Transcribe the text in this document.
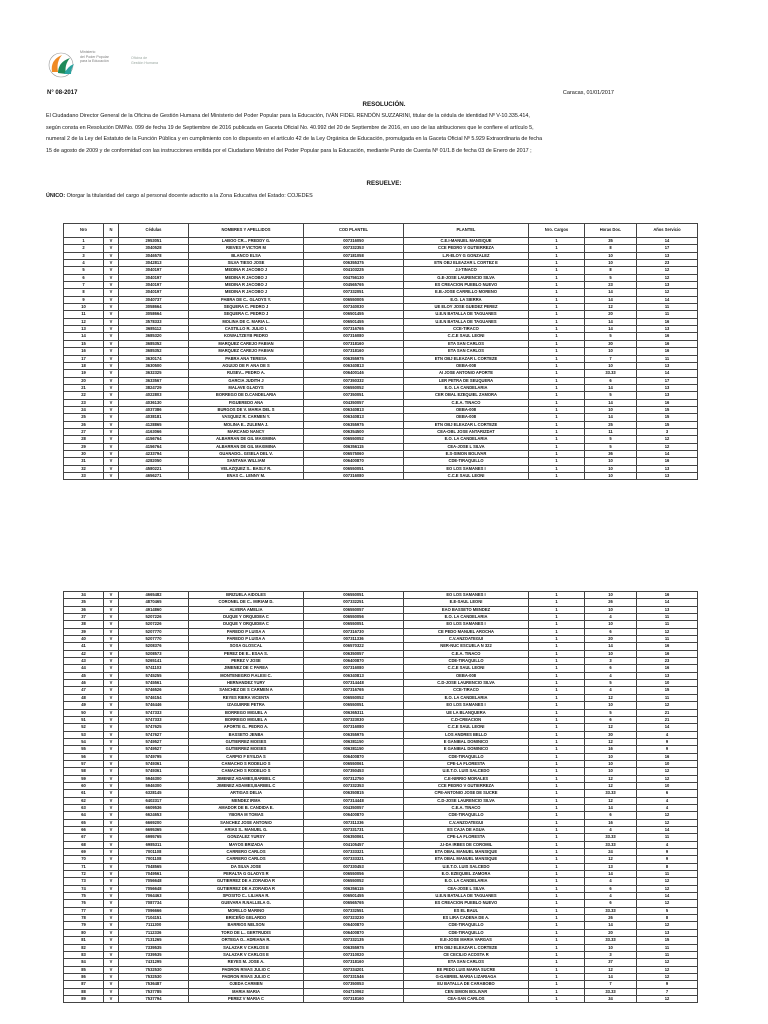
Ministerio
del Poder Popular
para la Educación
Oficina de
Gestión Humana
N° 08-2017	Caracas, 01/01/2017
RESOLUCIÓN.

El Ciudadano Director General de la Oficina de Gestión Humana del Ministerio del Poder Popular para la Educación, IVÁN FIDEL RENDÓN SUZZARINI, titular de la cédula de identidad Nº V-10.335.414,

según consta en Resolución DM/No. 099 de fecha 19 de Septiembre de 2016 publicada en Gaceta Oficial No. 40.992 del 20 de Septiembre de 2016, en uso de las atribuciones que le confiere el artículo 5,

numeral 2 de la Ley del Estatuto de la Función Pública y en cumplimiento con lo dispuesto en el artículo 42 de la Ley Orgánica de Educación, promulgada en la Gaceta Oficial Nº 5.929 Extraordinaria de fecha

15 de agosto de 2009 y de conformidad con las instrucciones emitida por el Ciudadano Ministro del Poder Popular para la Educación, mediante Punto de Cuenta Nº 01/1.8 de fecha 03 de Enero de 2017 ;

RESUELVE:
ÚNICO: Otorgar la titularidad del cargo al personal docente adscrito a la Zona Educativa del Estado: COJEDES
Nro	N	Cédulas	NOMBRES Y APELLIDOS	COD PLANTEL	PLANTEL	Nro. Cargos	Horas Doc.	Años Servicio
1	V	2953051	LABOO CR... FREDDY G.	007316050	C.E.I-MANUEL MANSIQUE	1	35	14
2	V	3040528	RIEVES P VICTOR M	007332353	CCE PEDRO V GUTIERREZA	1	8	17
3	V	3046578	BLANCO ELSA	007181058	L.R-ELOY G GONZALEZ	1	10	13
4	V	3042813	SILVA TIESO JOSE	006355375	ETN OBJ ELEAZAR L CORTEZ E	1	10	23
5	V	3040197	MEDINA R JACOBO J	004103225	J.I-TINACO	1	8	12
6	V	3040197	MEDINA R JACOBO J	004756130	G.E-JOSE LAURENCIO SILVA	1	5	12
7	V	3040197	MEDINA R JACOBO J	004565765	ES CREACION PUEBLO NUEVO	1	23	13
8	V	3040197	MEDINA R JACOBO J	007332051	E.B.-JOSE CARRILLO MORENO	1	14	12
9	V	3040737	PABRA DE C.. GLADYS Y.	006550005	E.O. LA SIERRA	1	14	14
10	V	3058664	SEQUERA C. PEDRO J	007340030	UE ELOY JOSE GUEDEZ PEREZ	1	12	11
11	V	3058664	SEQUERA C. PEDRO J	006501455	U.E.N BATALLA DE TAGUANES	1	20	11
12	V	3578333	MOLINA DE C. MARIA L.	006501455	U.E.N BATALLA DE TAGUANES	1	14	16
13	V	3685112	CASTILLO R. JULIO I.	007316765	CCE-TIRACO	1	14	13
14	V	3685320	KOWALTZEYB PEDRO	007316080	C.C.E SAUL LEONI	1	5	16
15	V	3685352	MARQUEZ CAREJO FABIAN	007318160	ETA SAN CARLOS	1	30	16
16	V	3685352	MARQUEZ CAREJO FABIAN	007318160	ETA SAN CARLOS	1	10	16
17	V	3630174	PABRA ANA TERESA	006355975	ETN OBJ ELEAZAR L CORTEZE	1	7	11
18	V	3630500	AGUIJO DE P. ANA DE S	006340813	OEBA-008	1	10	13
19	V	3632325	RUSEV... PEDRO A.	006400146	AI JOSE ANTONIO APORTE	1	33.33	14
20	V	3633567	GARCIA JUDITH J	007350332	LER PETRA DE SEUQUERA	1	6	17
21	V	3824729	MALAVE GLADYS	006550052	E.O. LA CANDELARIA	1	14	13
22	V	4022803	BORREGO DE D.CANDELARIA	007350051	CER OBAL EZEQUIEL ZAMORA	1	5	13
23	V	4036130	FIGUEREDO ANA	004350057	C.E.A. TINACO	1	14	16
24	V	4037386	BURGOS DE V. MARIA DEL S	006340813	OEBA-008	1	10	15
25	V	4038181	VASQUEZ R. CARMEN Y.	006340813	OEBA-008	1	14	15
26	V	4128865	MOLINA E.. ZULEMA J.	006355975	ETN OBJ ELEAZAR L CORTEZE	1	25	15
27	V	4163066	MARCANO NANCY	006354500	CEA-OBL JOSE ANTARIZDAT	1	11	3
28	V	4156764	ALBARRAN DE GIL MAXIMINA	006550052	E.O. LA CANDELARIA	1	5	12
29	V	4156764	ALBARRAN DE GIL MAXIMINA	006356115	CEA-JOSE L SILVA	1	5	12
30	V	4233794	GUANADO.. GISELA DEL V.	006575060	E.S-SIMON BOLIVAR	1	36	14
31	V	4282050	SANTANA WILLIAM	006400870	CDE-TIRAQUILLO	1	10	16
32	V	4580221	VELAZQUEZ S.. BASLY R.	006550051	EO LOS SAMANES I	1	10	13
33	V	4656271	ENAS C.. LENNY M.	007316080	C.C.E SAUL LEONI	1	10	13
34	V	4665482	BRIZUELA AIDOLES	006550051	EO LOS SAMANES I	1	10	16
35	V	4870465	CORONEL DE C.. MIRIAM D.	007332251	E.E-SAUL LEONI	1	26	14
36	V	4914860	ALVERA AMELIA	006550057	EAO BASSETO MENDEZ	1	10	13
37	V	5207226	DUQUE Y ORQUIDEA C	006550056	E.O. LA CANDELARIA	1	4	11
38	V	5207226	DUQUE Y ORQUIDEA C	006550051	EO LOS SAMANES I	1	10	11
39	V	5207770	PAREDO P LUISA A	007316730	CE PEDO MANUEL AROCHA	1	6	12
40	V	5207770	PAREDO P LUISA A	007311336	C.V.ANZOATEGUI	1	20	11
41	V	5208376	SOSA GLOSCAL	006570322	NER-NUC ESCUELA N 322	1	14	16
42	V	5208573	PEREZ DE E.. ESAA S.	006350057	C.E.A. TINACO	1	10	16
43	V	5265141	PEREZ V JOSE	006400870	CDE-TIRAQUILLO	1	3	23
44	V	5741103	JIMENEZ DE C PAREA	007316080	C.C.E SAUL LEONI	1	6	16
45	V	5745255	MONTENEGRO P.ALEXI C.	006340813	OEBA-008	1	4	13
46	V	5745561	HERNANDEZ YURY	007314448	C.D-JOSE LAURENCIO SILVA	1	5	10
47	V	5746526	SANCHEZ DE S CARMEN A	007316765	CCE-TIRACO	1	4	15
48	V	5746154	REYES RIERA VICENTA	006550052	E.O. LA CANDELARIA	1	12	11
49	V	5746446	IZAGUIRRE PETRA	006550051	EO LOS SAMANES I	1	10	12
50	V	5747333	BORREGO MIGUEL A	006365311	UE LA BLANQUERA	1	5	21
51	V	5747333	BORREGO MIGUEL A	007323030	C.D-CREACION	1	6	21
52	V	5747625	APORTE G.. PEDRO A.	007316080	C.C.E SAUL LEONI	1	12	14
53	V	5747627	BASSETO JENBA	006355975	LOS ANDRES BELLO	1	30	4
54	V	5749527	GUTIERREZ MOISES	006381150	E GANIBAL DOMINICO	1	12	9
55	V	5749527	GUTIERREZ MOISES	006381150	E GANIBAL DOMINICO	1	16	9
56	V	5749795	CARPIO F EYILDA S	006400870	CDE-TIRAQUILLO	1	10	16
57	V	5749361	CAMACHO S RODELIO S	006550061	CPE-LA FLORESTA	1	10	10
58	V	5749361	CAMACHO S RODELIO S	007350453	U.E.T.O. LUIS SALCEDO	1	10	12
59	V	5946300	JIMENEZ ADAMES,BARBEL C	007312750	C.E-NIRRIO MORALES	1	12	12
60	V	5946300	JIMENEZ ADAMES,BARBEL C	007332353	CCE PEDRO V GUTIERREZA	1	12	10
61	V	6328145	ARTIGAS DELIA	006350815	CPE-ANTONIO JOSE DE SUCRE	1	33.33	6
62	V	6402317	MENDEZ IRMA	007314448	C.D-JOSE LAURENCIO SILVA	1	12	4
63	V	6609536	AMADOR DE B. CANDIDA E.	004350057	C.E.A. TINACO	1	14	4
64	V	6624653	YBORA M TOMAS	006400870	CDE-TIRAQUILLO	1	6	12
65	V	6669200	SANCHEZ JOSE ANTONIO	007311336	C.V.ANZOATEGUI	1	16	12
66	V	6695365	ARIAS S.. MANUEL G.	007331731	ES CAJA DE AGUA	1	4	14
67	V	6995765	GONZALEZ YURSY	006350061	CPE-LA FLORESTA	1	33.33	11
68	V	6985311	MAYOS BRIZADA	004105457	J.I-DA IRBES DE COROMIL	1	33.33	4
69	V	7001108	CARRERO CARLOS	007333321	ETA OBAL MANUEL MANSIQUE	1	24	9
70	V	7001108	CARRERO CARLOS	007333321	ETA OBAL MANUEL MANSIQUE	1	12	9
71	V	7048565	DA SILVA JOSE	007330453	U.E.T.O. LUIS SALCEDO	1	13	8
72	V	7049561	PERALTA G GLADYS R	006550056	E.O. EZEQUIEL ZAMORA	1	14	11
73	V	7056648	GUTIERREZ DE A ZORAIDA R	006550052	E.O. LA CANDELARIA	1	4	12
74	V	7056648	GUTIERREZ DE A ZORAIDA R	006356115	CEA-JOSE L SILVA	1	6	12
75	V	7064463	SPOSITO C.. LILIANA R.	006501455	U.E.N BATALLA DE TAGUANES	1	4	14
76	V	7087734	GUEVARA R.NALLELA G.	006565765	ES CREACION PUEBLO NUEVO	1	6	12
77	V	7096666	MORILLO MARINO	007332551	ES EL BAUL	1	33.33	5
78	V	7104151	BRICEÑO GELARDO	007323230	ES LIRA CADENA DE A.	1	26	8
79	V	7111300	BARRIOS NELSON	006400870	CDE-TIRAQUILLO	1	14	12
80	V	7112336	TORO DE L.. GERTRUDIS	006400870	CDE-TIRAQUILLO	1	20	13
81	V	7131265	ORTEGA O.. ADRIANA R.	007332135	E.E-JOSE MARIA VARGAS	1	33.33	15
82	V	7339535	SALAZAR V CARLOS E	006355975	ETN OBJ ELEAZAR L CORTEZE	1	10	11
83	V	7339535	SALAZAR V CARLOS E	007310020	CE CECILIO ACOSTA R	1	3	11
84	V	7431295	REYES M. JOSE A.	007318160	ETA SAN CARLOS	1	37	12
85	V	7532530	PADRON RIVAS JULIO C	007334201	EE PEDO LUIS MARIA SUCRE	1	12	12
86	V	7532530	PADRON RIVAS JULIO C	007331546	G-GABRIEL MARIA LIZARIAGA	1	14	12
87	V	7536487	OJEDA CARMEN	007350053	EU BATALLA DE CARABOBO	1	7	9
88	V	7537785	MARIA MARIA	004710062	CEN SIMON BOLIVAR	1	33.33	7
89	V	7537794	PEREZ V MARIA C	007318160	CEA-SAN CARLOS	1	34	12
